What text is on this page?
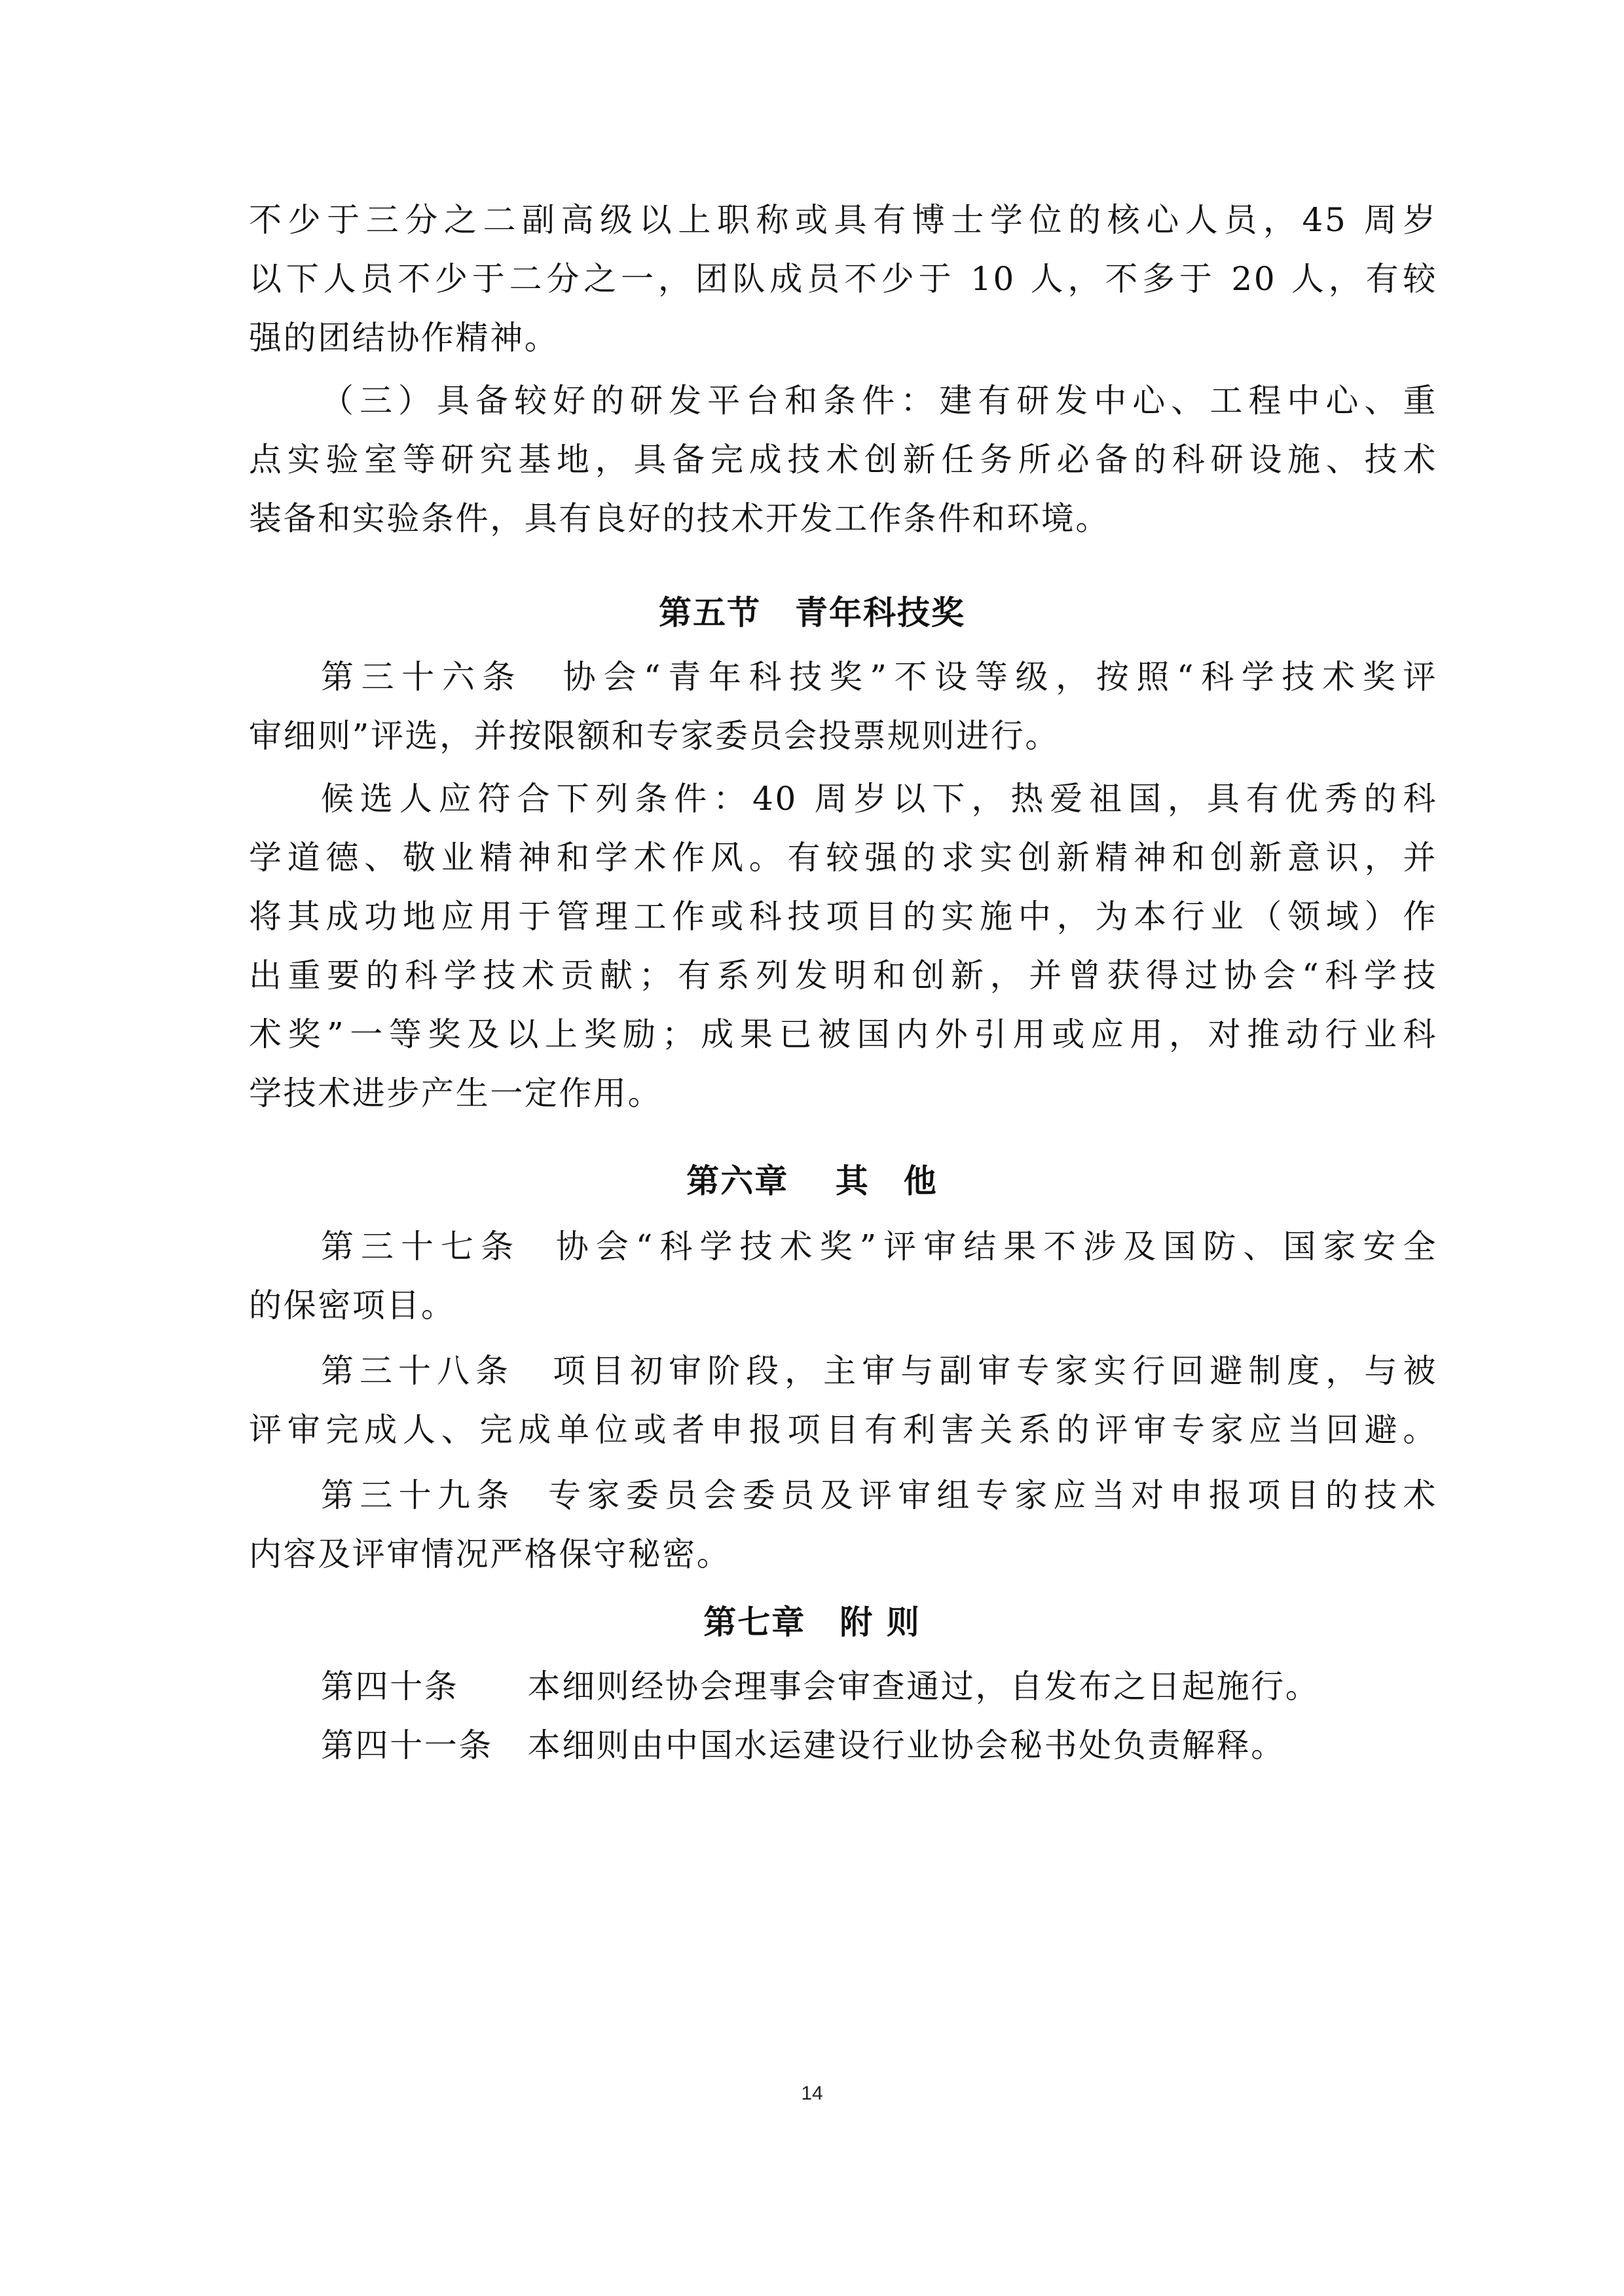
不少于三分之二副高级以上职称或具有博士学位的核心人员，45 周岁
以下人员不少于二分之一，团队成员不少于 10 人，不多于 20 人，有较
强的团结协作精神。
（三）具备较好的研发平台和条件：建有研发中心、工程中心、重
点实验室等研究基地，具备完成技术创新任务所必备的科研设施、技术
装备和实验条件，具有良好的技术开发工作条件和环境。
第五节　青年科技奖
第三十六条　协会“青年科技奖”不设等级，按照“科学技术奖评
审细则”评选，并按限额和专家委员会投票规则进行。
候选人应符合下列条件：40 周岁以下，热爱祖国，具有优秀的科
学道德、敬业精神和学术作风。有较强的求实创新精神和创新意识，并
将其成功地应用于管理工作或科技项目的实施中，为本行业（领域）作
出重要的科学技术贡献；有系列发明和创新，并曾获得过协会“科学技
术奖”一等奖及以上奖励；成果已被国内外引用或应用，对推动行业科
学技术进步产生一定作用。
第六章　 其　他
第三十七条  协会“科学技术奖”评审结果不涉及国防、国家安全
的保密项目。
第三十八条　项目初审阶段，主审与副审专家实行回避制度，与被
评审完成人、完成单位或者申报项目有利害关系的评审专家应当回避。
第三十九条  专家委员会委员及评审组专家应当对申报项目的技术
内容及评审情况严格保守秘密。
第七章　附 则
第四十条　　本细则经协会理事会审查通过，自发布之日起施行。
第四十一条　本细则由中国水运建设行业协会秘书处负责解释。
14
